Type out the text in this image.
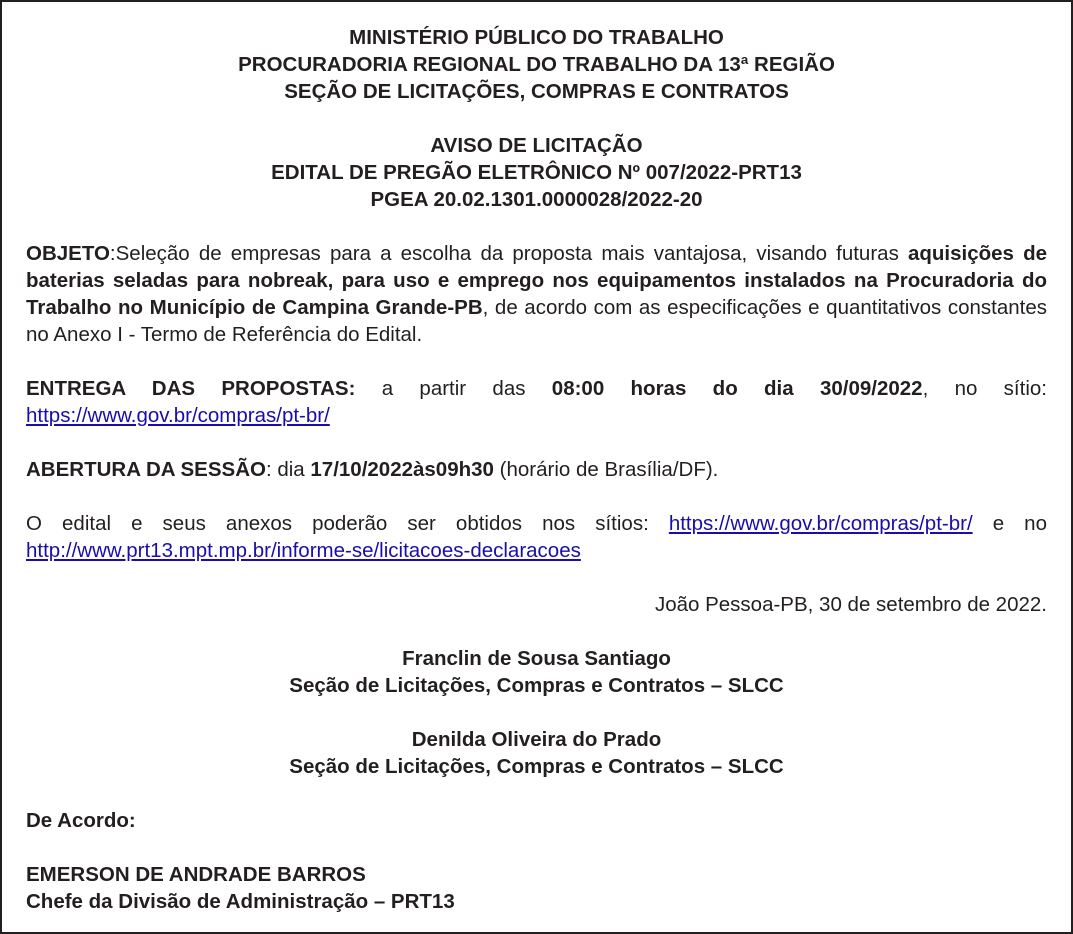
MINISTÉRIO PÚBLICO DO TRABALHO

PROCURADORIA REGIONAL DO TRABALHO DA 13ª REGIÃO

SEÇÃO DE LICITAÇÕES, COMPRAS E CONTRATOS

AVISO DE LICITAÇÃO

EDITAL DE PREGÃO ELETRÔNICO Nº 007/2022-PRT13

PGEA 20.02.1301.0000028/2022-20

OBJETO:Seleção de empresas para a escolha da proposta mais vantajosa, visando futuras aquisições de baterias seladas para nobreak, para uso e emprego nos equipamentos instalados na Procuradoria do Trabalho no Município de Campina Grande-PB, de acordo com as especificações e quantitativos constantes no Anexo I - Termo de Referência do Edital.

ENTREGA DAS PROPOSTAS: a partir das 08:00 horas do dia 30/09/2022, no sítio: https://www.gov.br/compras/pt-br/

ABERTURA DA SESSÃO: dia 17/10/2022às09h30 (horário de Brasília/DF).

O edital e seus anexos poderão ser obtidos nos sítios: https://www.gov.br/compras/pt-br/ e no http://www.prt13.mpt.mp.br/informe-se/licitacoes-declaracoes

João Pessoa-PB, 30 de setembro de 2022.

Franclin de Sousa Santiago

Seção de Licitações, Compras e Contratos – SLCC

Denilda Oliveira do Prado

Seção de Licitações, Compras e Contratos – SLCC

De Acordo:

EMERSON DE ANDRADE BARROS

Chefe da Divisão de Administração – PRT13
